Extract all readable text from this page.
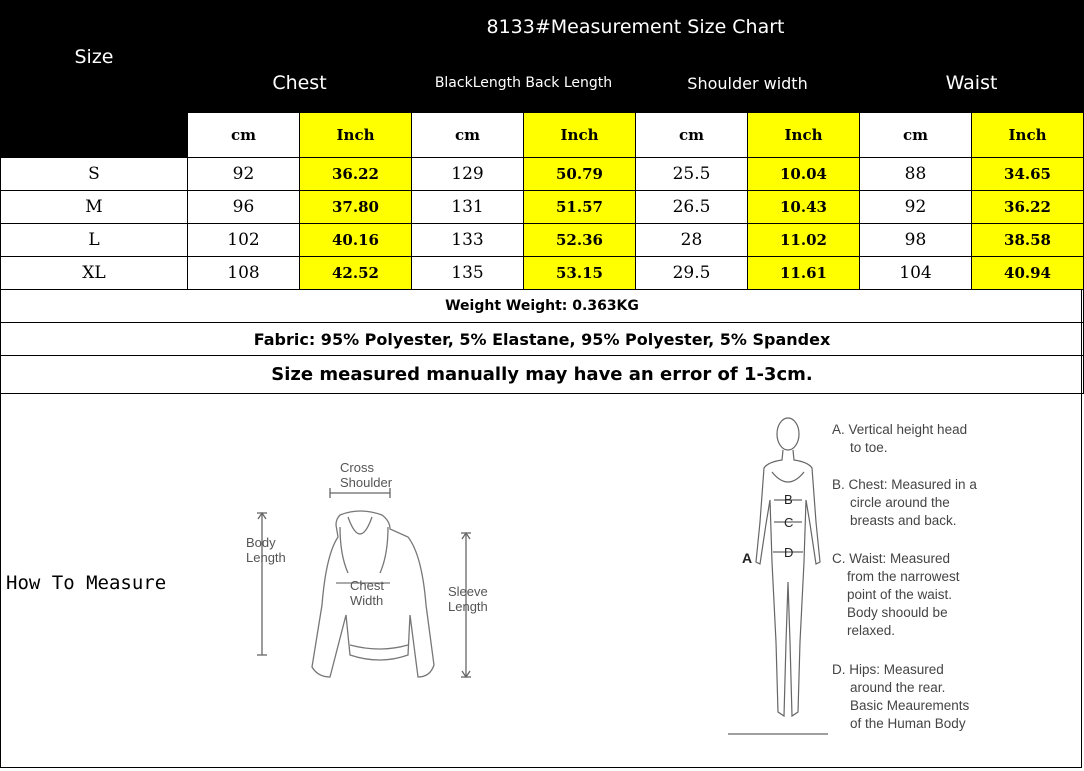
Size	8133#Measurement Size Chart							
	Chest		BlackLength Back Length		Shoulder width		Waist	
	cm	Inch	cm	Inch	cm	Inch	cm	Inch
S	92	36.22	129	50.79	25.5	10.04	88	34.65
M	96	37.80	131	51.57	26.5	10.43	92	36.22
L	102	40.16	133	52.36	28	11.02	98	38.58
XL	108	42.52	135	53.15	29.5	11.61	104	40.94
Weight Weight: 0.363KG								
Fabric: 95% Polyester, 5% Elastane, 95% Polyester, 5% Spandex								
Size measured manually may have an error of 1-3cm.								
How To Measure
Cross
Shoulder
Body
Length
Chest
Width
Sleeve
Length
A
B
C
D
A. Vertical height head
to toe.
B. Chest: Measured in a
circle around the
breasts and back.
C. Waist: Measured
from the narrowest
point of the waist.
Body shoould be
relaxed.
D. Hips: Measured
around the rear.
Basic Meaurements
of the Human Body
